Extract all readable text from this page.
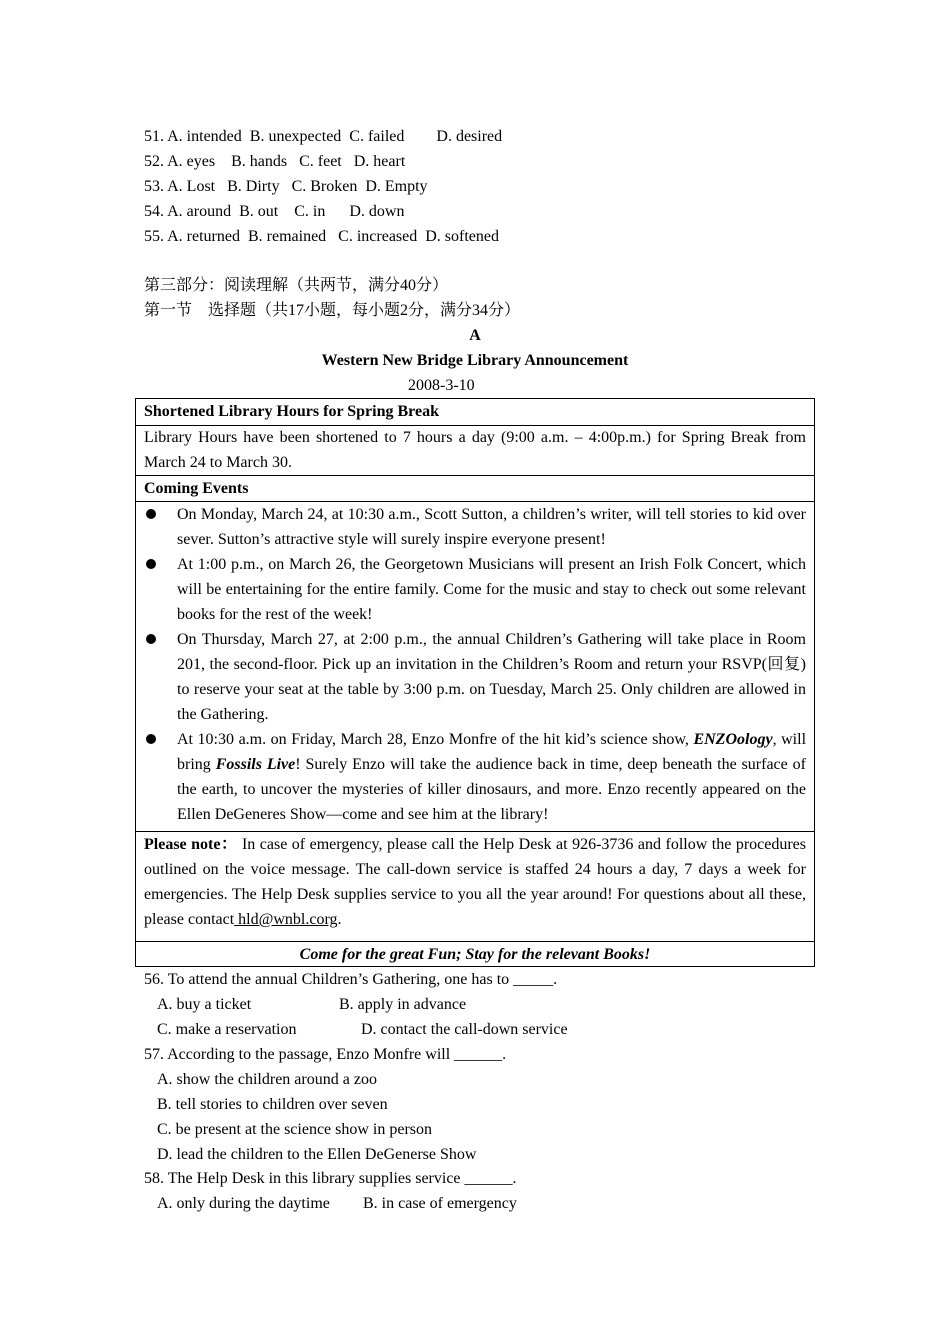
51. A. intended  B. unexpected  C. failed        D. desired
52. A. eyes    B. hands   C. feet   D. heart
53. A. Lost   B. Dirty   C. Broken  D. Empty
54. A. around  B. out    C. in      D. down
55. A. returned  B. remained   C. increased  D. softened
第三部分：阅读理解（共两节，满分40分）
第一节    选择题（共17小题，每小题2分，满分34分）
A
Western New Bridge Library Announcement
2008-3-10
Shortened Library Hours for Spring Break
Library Hours have been shortened to 7 hours a day (9:00 a.m. – 4:00p.m.) for Spring Break from March 24 to March 30.
Coming Events
On Monday, March 24, at 10:30 a.m., Scott Sutton, a children’s writer, will tell stories to kid over sever. Sutton’s attractive style will surely inspire everyone present!
At 1:00 p.m., on March 26, the Georgetown Musicians will present an Irish Folk Concert, which will be entertaining for the entire family. Come for the music and stay to check out some relevant books for the rest of the week!
On Thursday, March 27, at 2:00 p.m., the annual Children’s Gathering will take place in Room 201, the second-floor. Pick up an invitation in the Children’s Room and return your RSVP(回复) to reserve your seat at the table by 3:00 p.m. on Tuesday, March 25. Only children are allowed in the Gathering.
At 10:30 a.m. on Friday, March 28, Enzo Monfre of the hit kid’s science show, ENZOology, will bring Fossils Live! Surely Enzo will take the audience back in time, deep beneath the surface of the earth, to uncover the mysteries of killer dinosaurs, and more. Enzo recently appeared on the Ellen DeGeneres Show—come and see him at the library!
Please note： In case of emergency, please call the Help Desk at 926-3736 and follow the procedures outlined on the voice message. The call-down service is staffed 24 hours a day, 7 days a week for emergencies. The Help Desk supplies service to you all the year around! For questions about all these, please contact hld@wnbl.corg.
Come for the great Fun; Stay for the relevant Books!
56. To attend the annual Children’s Gathering, one has to _____.
A. buy a ticket	B. apply in advance
C. make a reservation	D. contact the call-down service
57. According to the passage, Enzo Monfre will ______.
A. show the children around a zoo
B. tell stories to children over seven
C. be present at the science show in person
D. lead the children to the Ellen DeGenerse Show
58. The Help Desk in this library supplies service ______.
A. only during the daytime B. in case of emergency
